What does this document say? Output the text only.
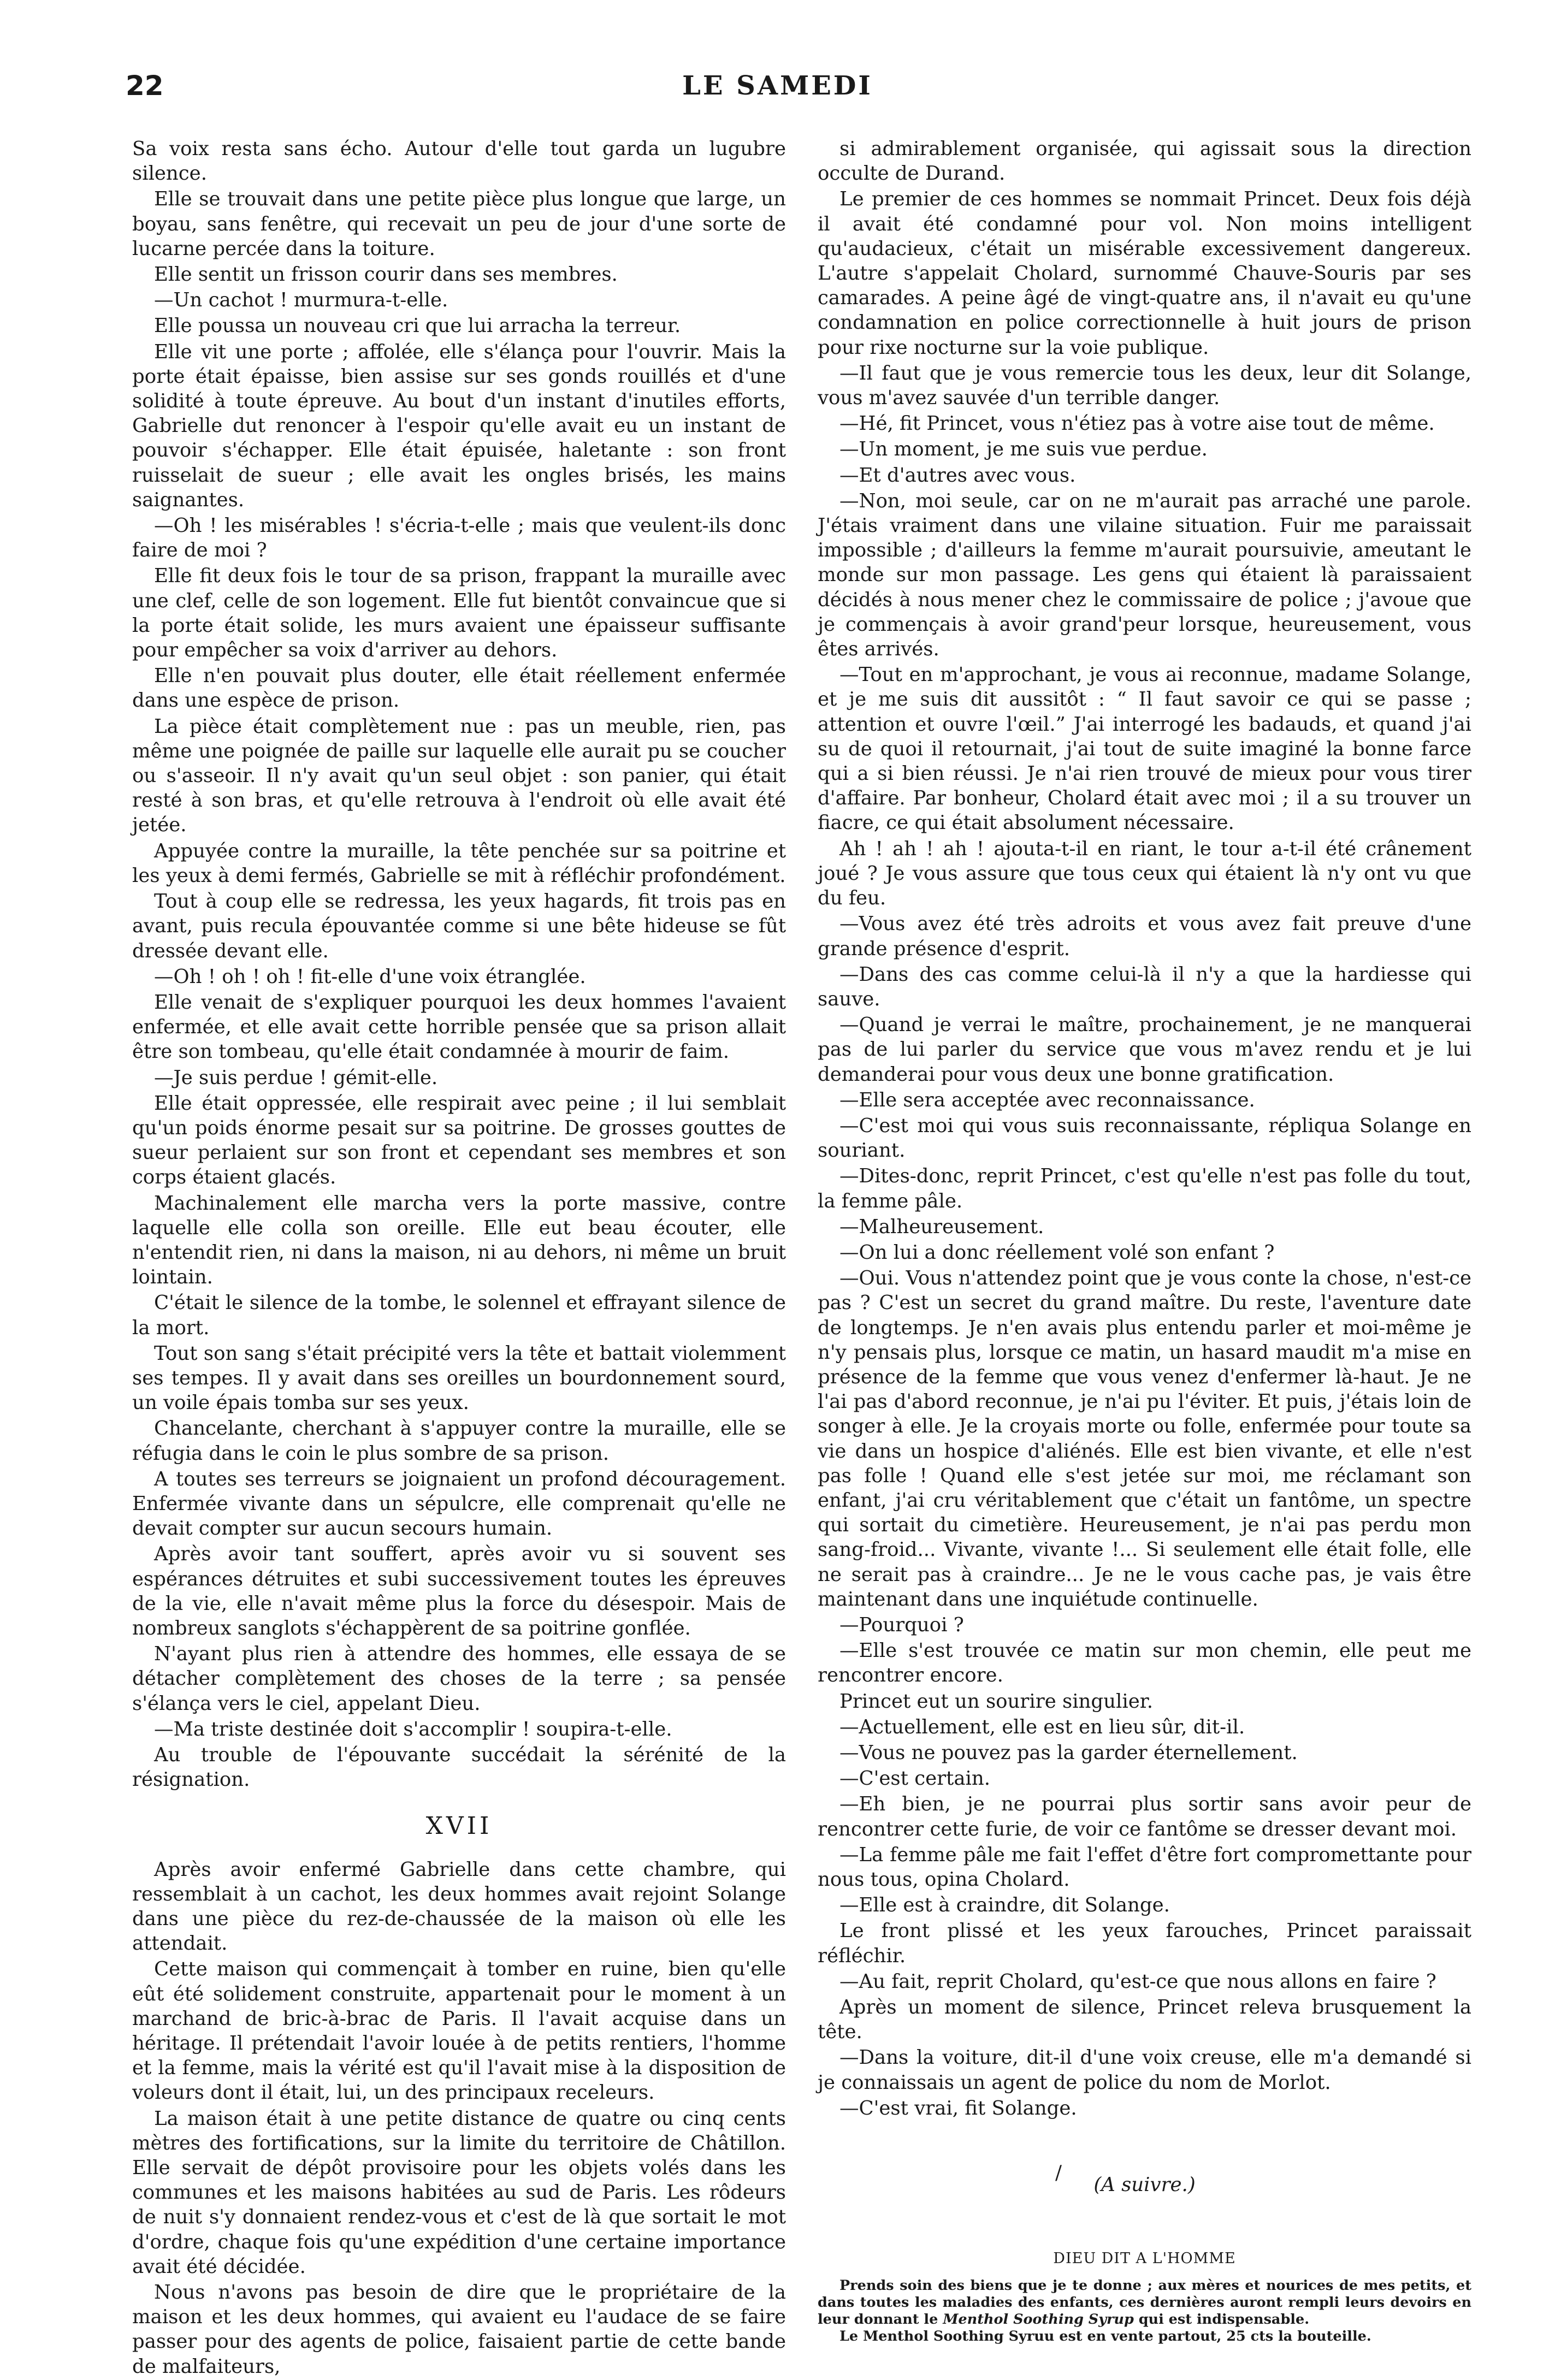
22	LE SAMEDI

Sa voix resta sans écho. Autour d'elle tout garda un lugubre silence.

Elle se trouvait dans une petite pièce plus longue que large, un boyau, sans fenêtre, qui recevait un peu de jour d'une sorte de lucarne percée dans la toiture.

Elle sentit un frisson courir dans ses membres.

—Un cachot ! murmura-t-elle.

Elle poussa un nouveau cri que lui arracha la terreur.

Elle vit une porte ; affolée, elle s'élança pour l'ouvrir. Mais la porte était épaisse, bien assise sur ses gonds rouillés et d'une solidité à toute épreuve. Au bout d'un instant d'inutiles efforts, Gabrielle dut renoncer à l'espoir qu'elle avait eu un instant de pouvoir s'échapper. Elle était épuisée, haletante : son front ruisselait de sueur ; elle avait les ongles brisés, les mains saignantes.

—Oh ! les misérables ! s'écria-t-elle ; mais que veulent-ils donc faire de moi ?

Elle fit deux fois le tour de sa prison, frappant la muraille avec une clef, celle de son logement. Elle fut bientôt convaincue que si la porte était solide, les murs avaient une épaisseur suffisante pour empêcher sa voix d'arriver au dehors.

Elle n'en pouvait plus douter, elle était réellement enfermée dans une espèce de prison.

La pièce était complètement nue : pas un meuble, rien, pas même une poignée de paille sur laquelle elle aurait pu se coucher ou s'asseoir. Il n'y avait qu'un seul objet : son panier, qui était resté à son bras, et qu'elle retrouva à l'endroit où elle avait été jetée.

Appuyée contre la muraille, la tête penchée sur sa poitrine et les yeux à demi fermés, Gabrielle se mit à réfléchir profondément.

Tout à coup elle se redressa, les yeux hagards, fit trois pas en avant, puis recula épouvantée comme si une bête hideuse se fût dressée devant elle.

—Oh ! oh ! oh ! fit-elle d'une voix étranglée.

Elle venait de s'expliquer pourquoi les deux hommes l'avaient enfermée, et elle avait cette horrible pensée que sa prison allait être son tombeau, qu'elle était condamnée à mourir de faim.

—Je suis perdue ! gémit-elle.

Elle était oppressée, elle respirait avec peine ; il lui semblait qu'un poids énorme pesait sur sa poitrine. De grosses gouttes de sueur perlaient sur son front et cependant ses membres et son corps étaient glacés.

Machinalement elle marcha vers la porte massive, contre laquelle elle colla son oreille. Elle eut beau écouter, elle n'entendit rien, ni dans la maison, ni au dehors, ni même un bruit lointain.

C'était le silence de la tombe, le solennel et effrayant silence de la mort.

Tout son sang s'était précipité vers la tête et battait violemment ses tempes. Il y avait dans ses oreilles un bourdonnement sourd, un voile épais tomba sur ses yeux.

Chancelante, cherchant à s'appuyer contre la muraille, elle se réfugia dans le coin le plus sombre de sa prison.

A toutes ses terreurs se joignaient un profond découragement. Enfermée vivante dans un sépulcre, elle comprenait qu'elle ne devait compter sur aucun secours humain.

Après avoir tant souffert, après avoir vu si souvent ses espérances détruites et subi successivement toutes les épreuves de la vie, elle n'avait même plus la force du désespoir. Mais de nombreux sanglots s'échappèrent de sa poitrine gonflée.

N'ayant plus rien à attendre des hommes, elle essaya de se détacher complètement des choses de la terre ; sa pensée s'élança vers le ciel, appelant Dieu.

—Ma triste destinée doit s'accomplir ! soupira-t-elle.

Au trouble de l'épouvante succédait la sérénité de la résignation.

XVII

Après avoir enfermé Gabrielle dans cette chambre, qui ressemblait à un cachot, les deux hommes avait rejoint Solange dans une pièce du rez-de-chaussée de la maison où elle les attendait.

Cette maison qui commençait à tomber en ruine, bien qu'elle eût été solidement construite, appartenait pour le moment à un marchand de bric-à-brac de Paris. Il l'avait acquise dans un héritage. Il prétendait l'avoir louée à de petits rentiers, l'homme et la femme, mais la vérité est qu'il l'avait mise à la disposition de voleurs dont il était, lui, un des principaux receleurs.

La maison était à une petite distance de quatre ou cinq cents mètres des fortifications, sur la limite du territoire de Châtillon. Elle servait de dépôt provisoire pour les objets volés dans les communes et les maisons habitées au sud de Paris. Les rôdeurs de nuit s'y donnaient rendez-vous et c'est de là que sortait le mot d'ordre, chaque fois qu'une expédition d'une certaine importance avait été décidée.

Nous n'avons pas besoin de dire que le propriétaire de la maison et les deux hommes, qui avaient eu l'audace de se faire passer pour des agents de police, faisaient partie de cette bande de malfaiteurs,

si admirablement organisée, qui agissait sous la direction occulte de Durand.

Le premier de ces hommes se nommait Princet. Deux fois déjà il avait été condamné pour vol. Non moins intelligent qu'audacieux, c'était un misérable excessivement dangereux. L'autre s'appelait Cholard, surnommé Chauve-Souris par ses camarades. A peine âgé de vingt-quatre ans, il n'avait eu qu'une condamnation en police correctionnelle à huit jours de prison pour rixe nocturne sur la voie publique.

—Il faut que je vous remercie tous les deux, leur dit Solange, vous m'avez sauvée d'un terrible danger.

—Hé, fit Princet, vous n'étiez pas à votre aise tout de même.

—Un moment, je me suis vue perdue.

—Et d'autres avec vous.

—Non, moi seule, car on ne m'aurait pas arraché une parole. J'étais vraiment dans une vilaine situation. Fuir me paraissait impossible ; d'ailleurs la femme m'aurait poursuivie, ameutant le monde sur mon passage. Les gens qui étaient là paraissaient décidés à nous mener chez le commissaire de police ; j'avoue que je commençais à avoir grand'peur lorsque, heureusement, vous êtes arrivés.

—Tout en m'approchant, je vous ai reconnue, madame Solange, et je me suis dit aussitôt : “ Il faut savoir ce qui se passe ; attention et ouvre l'œil.” J'ai interrogé les badauds, et quand j'ai su de quoi il retournait, j'ai tout de suite imaginé la bonne farce qui a si bien réussi. Je n'ai rien trouvé de mieux pour vous tirer d'affaire. Par bonheur, Cholard était avec moi ; il a su trouver un fiacre, ce qui était absolument nécessaire.

Ah ! ah ! ah ! ajouta-t-il en riant, le tour a-t-il été crânement joué ? Je vous assure que tous ceux qui étaient là n'y ont vu que du feu.

—Vous avez été très adroits et vous avez fait preuve d'une grande présence d'esprit.

—Dans des cas comme celui-là il n'y a que la hardiesse qui sauve.

—Quand je verrai le maître, prochainement, je ne manquerai pas de lui parler du service que vous m'avez rendu et je lui demanderai pour vous deux une bonne gratification.

—Elle sera acceptée avec reconnaissance.

—C'est moi qui vous suis reconnaissante, répliqua Solange en souriant.

—Dites-donc, reprit Princet, c'est qu'elle n'est pas folle du tout, la femme pâle.

—Malheureusement.

—On lui a donc réellement volé son enfant ?

—Oui. Vous n'attendez point que je vous conte la chose, n'est-ce pas ? C'est un secret du grand maître. Du reste, l'aventure date de longtemps. Je n'en avais plus entendu parler et moi-même je n'y pensais plus, lorsque ce matin, un hasard maudit m'a mise en présence de la femme que vous venez d'enfermer là-haut. Je ne l'ai pas d'abord reconnue, je n'ai pu l'éviter. Et puis, j'étais loin de songer à elle. Je la croyais morte ou folle, enfermée pour toute sa vie dans un hospice d'aliénés. Elle est bien vivante, et elle n'est pas folle ! Quand elle s'est jetée sur moi, me réclamant son enfant, j'ai cru véritablement que c'était un fantôme, un spectre qui sortait du cimetière. Heureusement, je n'ai pas perdu mon sang-froid... Vivante, vivante !... Si seulement elle était folle, elle ne serait pas à craindre... Je ne le vous cache pas, je vais être maintenant dans une inquiétude continuelle.

—Pourquoi ?

—Elle s'est trouvée ce matin sur mon chemin, elle peut me rencontrer encore.

Princet eut un sourire singulier.

—Actuellement, elle est en lieu sûr, dit-il.

—Vous ne pouvez pas la garder éternellement.

—C'est certain.

—Eh bien, je ne pourrai plus sortir sans avoir peur de rencontrer cette furie, de voir ce fantôme se dresser devant moi.

—La femme pâle me fait l'effet d'être fort compromettante pour nous tous, opina Cholard.

—Elle est à craindre, dit Solange.

Le front plissé et les yeux farouches, Princet paraissait réfléchir.

—Au fait, reprit Cholard, qu'est-ce que nous allons en faire ?

Après un moment de silence, Princet releva brusquement la tête.

—Dans la voiture, dit-il d'une voix creuse, elle m'a demandé si je connaissais un agent de police du nom de Morlot.

—C'est vrai, fit Solange.

/
(A suivre.)
DIEU DIT A L'HOMME

Prends soin des biens que je te donne ; aux mères et nourices de mes petits, et dans toutes les maladies des enfants, ces dernières auront rempli leurs devoirs en leur donnant le Menthol Soothing Syrup qui est indispensable.

Le Menthol Soothing Syruu est en vente partout, 25 cts la bouteille.
